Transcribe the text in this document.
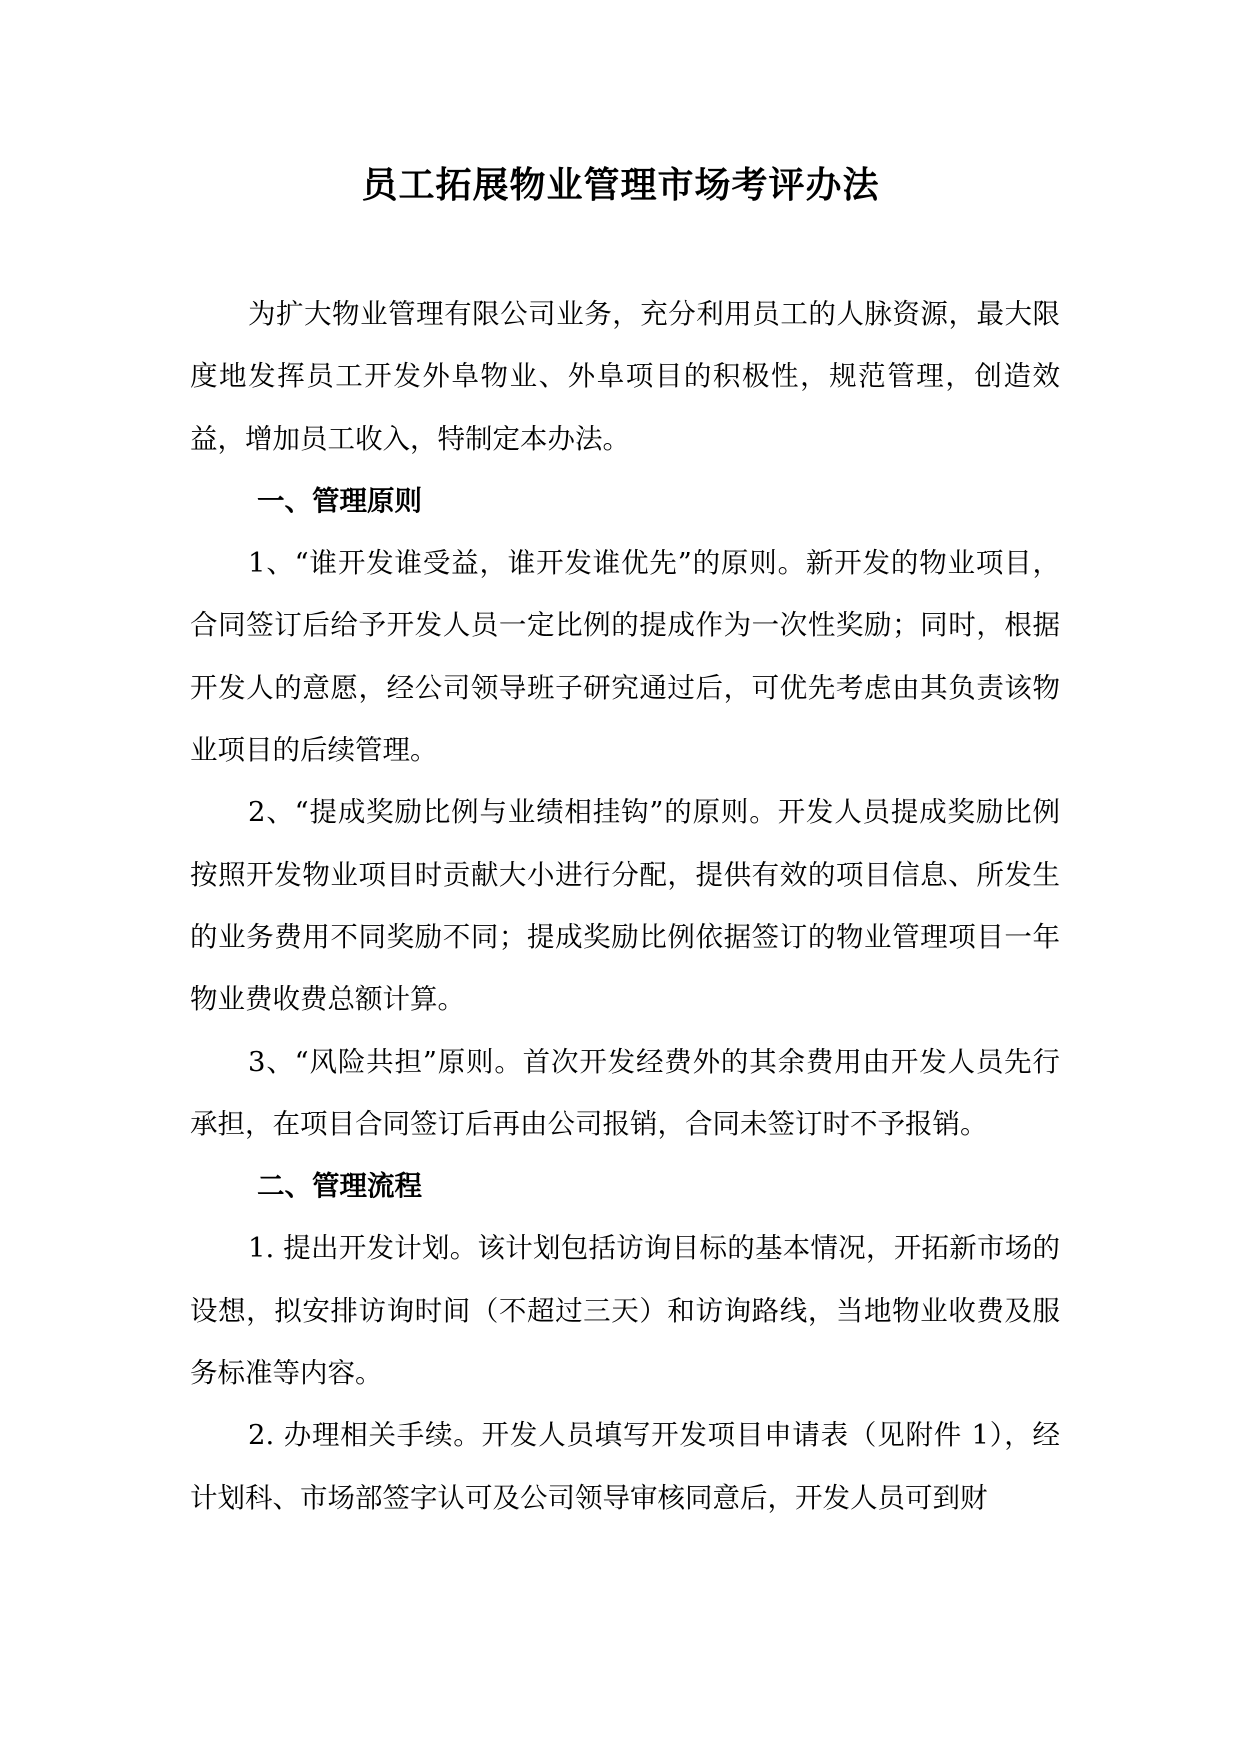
员工拓展物业管理市场考评办法

为扩大物业管理有限公司业务，充分利用员工的人脉资源，最大限度地发挥员工开发外阜物业、外阜项目的积极性，规范管理，创造效益，增加员工收入，特制定本办法。

一、管理原则

1、“谁开发谁受益，谁开发谁优先”的原则。新开发的物业项目，合同签订后给予开发人员一定比例的提成作为一次性奖励；同时，根据开发人的意愿，经公司领导班子研究通过后，可优先考虑由其负责该物业项目的后续管理。

2、“提成奖励比例与业绩相挂钩”的原则。开发人员提成奖励比例按照开发物业项目时贡献大小进行分配，提供有效的项目信息、所发生的业务费用不同奖励不同；提成奖励比例依据签订的物业管理项目一年物业费收费总额计算。

3、“风险共担”原则。首次开发经费外的其余费用由开发人员先行承担，在项目合同签订后再由公司报销，合同未签订时不予报销。

二、管理流程

1. 提出开发计划。该计划包括访询目标的基本情况，开拓新市场的设想，拟安排访询时间（不超过三天）和访询路线，当地物业收费及服务标准等内容。

2. 办理相关手续。开发人员填写开发项目申请表（见附件 1），经计划科、市场部签字认可及公司领导审核同意后，开发人员可到财
